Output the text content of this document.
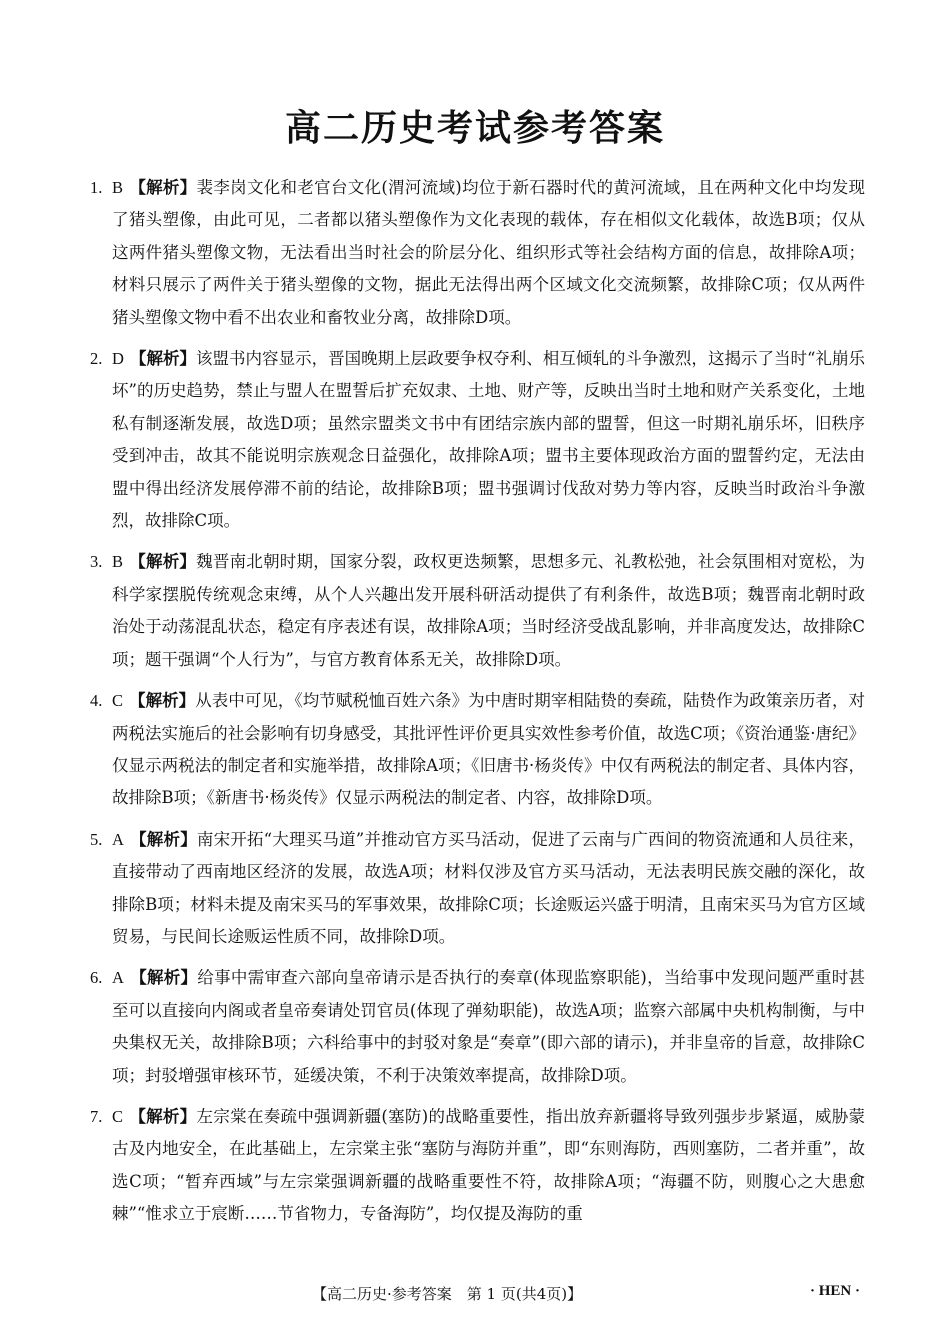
高二历史考试参考答案
1. B 【解析】裴李岗文化和老官台文化(渭河流域)均位于新石器时代的黄河流域，且在两种文化中均发现了猪头塑像，由此可见，二者都以猪头塑像作为文化表现的载体，存在相似文化载体，故选B项；仅从这两件猪头塑像文物，无法看出当时社会的阶层分化、组织形式等社会结构方面的信息，故排除A项；材料只展示了两件关于猪头塑像的文物，据此无法得出两个区域文化交流频繁，故排除C项；仅从两件猪头塑像文物中看不出农业和畜牧业分离，故排除D项。
2. D 【解析】该盟书内容显示，晋国晚期上层政要争权夺利、相互倾轧的斗争激烈，这揭示了当时“礼崩乐坏”的历史趋势，禁止与盟人在盟誓后扩充奴隶、土地、财产等，反映出当时土地和财产关系变化，土地私有制逐渐发展，故选D项；虽然宗盟类文书中有团结宗族内部的盟誓，但这一时期礼崩乐坏，旧秩序受到冲击，故其不能说明宗族观念日益强化，故排除A项；盟书主要体现政治方面的盟誓约定，无法由盟中得出经济发展停滞不前的结论，故排除B项；盟书强调讨伐敌对势力等内容，反映当时政治斗争激烈，故排除C项。
3. B 【解析】魏晋南北朝时期，国家分裂，政权更迭频繁，思想多元、礼教松弛，社会氛围相对宽松，为科学家摆脱传统观念束缚，从个人兴趣出发开展科研活动提供了有利条件，故选B项；魏晋南北朝时政治处于动荡混乱状态，稳定有序表述有误，故排除A项；当时经济受战乱影响，并非高度发达，故排除C项；题干强调“个人行为”，与官方教育体系无关，故排除D项。
4. C 【解析】从表中可见，《均节赋税恤百姓六条》为中唐时期宰相陆贽的奏疏，陆贽作为政策亲历者，对两税法实施后的社会影响有切身感受，其批评性评价更具实效性参考价值，故选C项；《资治通鉴·唐纪》仅显示两税法的制定者和实施举措，故排除A项；《旧唐书·杨炎传》中仅有两税法的制定者、具体内容，故排除B项；《新唐书·杨炎传》仅显示两税法的制定者、内容，故排除D项。
5. A 【解析】南宋开拓“大理买马道”并推动官方买马活动，促进了云南与广西间的物资流通和人员往来，直接带动了西南地区经济的发展，故选A项；材料仅涉及官方买马活动，无法表明民族交融的深化，故排除B项；材料未提及南宋买马的军事效果，故排除C项；长途贩运兴盛于明清，且南宋买马为官方区域贸易，与民间长途贩运性质不同，故排除D项。
6. A 【解析】给事中需审查六部向皇帝请示是否执行的奏章(体现监察职能)，当给事中发现问题严重时甚至可以直接向内阁或者皇帝奏请处罚官员(体现了弹劾职能)，故选A项；监察六部属中央机构制衡，与中央集权无关，故排除B项；六科给事中的封驳对象是“奏章”(即六部的请示)，并非皇帝的旨意，故排除C项；封驳增强审核环节，延缓决策，不利于决策效率提高，故排除D项。
7. C 【解析】左宗棠在奏疏中强调新疆(塞防)的战略重要性，指出放弃新疆将导致列强步步紧逼，威胁蒙古及内地安全，在此基础上，左宗棠主张“塞防与海防并重”，即“东则海防，西则塞防，二者并重”，故选C项；“暂弃西域”与左宗棠强调新疆的战略重要性不符，故排除A项；“海疆不防，则腹心之大患愈棘”“惟求立于宸断……节省物力，专备海防”，均仅提及海防的重
【高二历史·参考答案　第 1 页(共4页)】	· HEN ·
